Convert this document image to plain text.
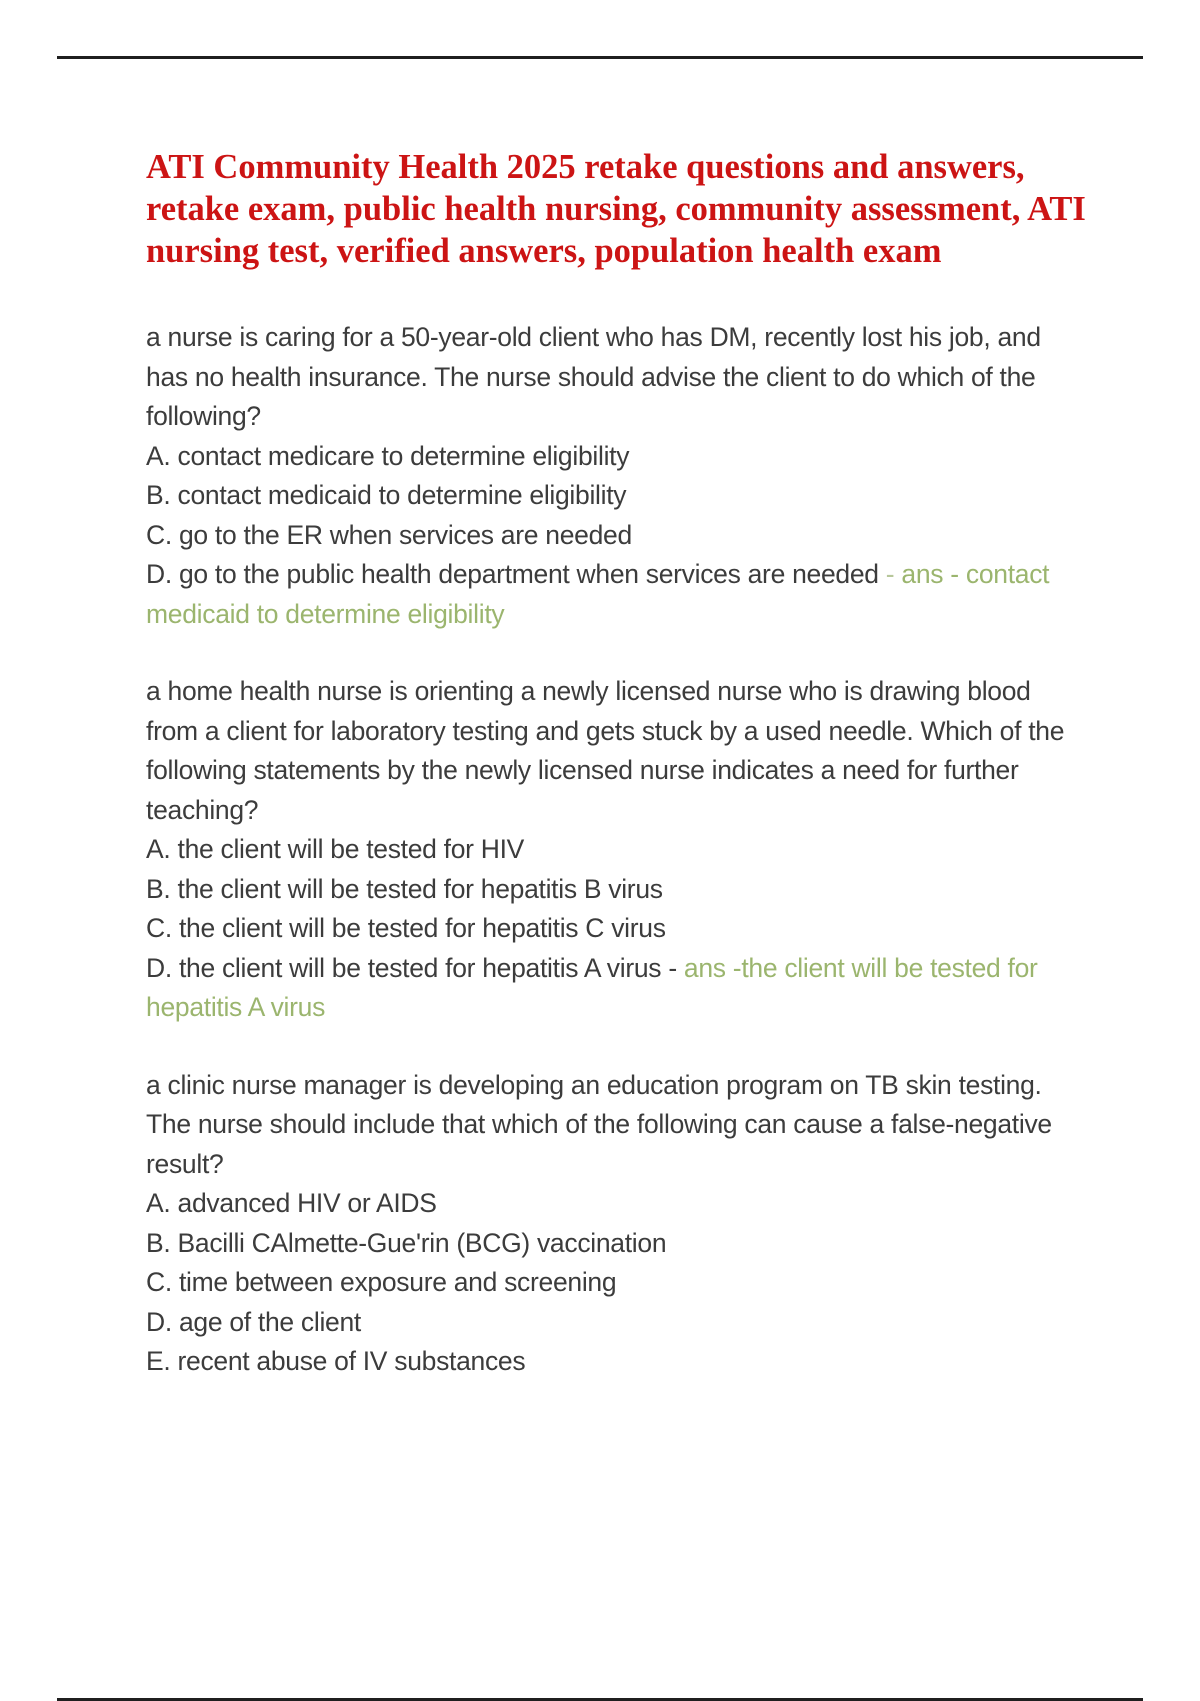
ATI Community Health 2025 retake questions and answers, retake exam, public health nursing, community assessment, ATI nursing test, verified answers, population health exam
a nurse is caring for a 50-year-old client who has DM, recently lost his job, and has no health insurance. The nurse should advise the client to do which of the following?
A. contact medicare to determine eligibility
B. contact medicaid to determine eligibility
C. go to the ER when services are needed
D. go to the public health department when services are needed - ans - contact medicaid to determine eligibility
a home health nurse is orienting a newly licensed nurse who is drawing blood from a client for laboratory testing and gets stuck by a used needle. Which of the following statements by the newly licensed nurse indicates a need for further teaching?
A. the client will be tested for HIV
B. the client will be tested for hepatitis B virus
C. the client will be tested for hepatitis C virus
D. the client will be tested for hepatitis A virus - ans -the client will be tested for hepatitis A virus
a clinic nurse manager is developing an education program on TB skin testing. The nurse should include that which of the following can cause a false-negative result?
A. advanced HIV or AIDS
B. Bacilli CAlmette-Gue'rin (BCG) vaccination
C. time between exposure and screening
D. age of the client
E. recent abuse of IV substances
